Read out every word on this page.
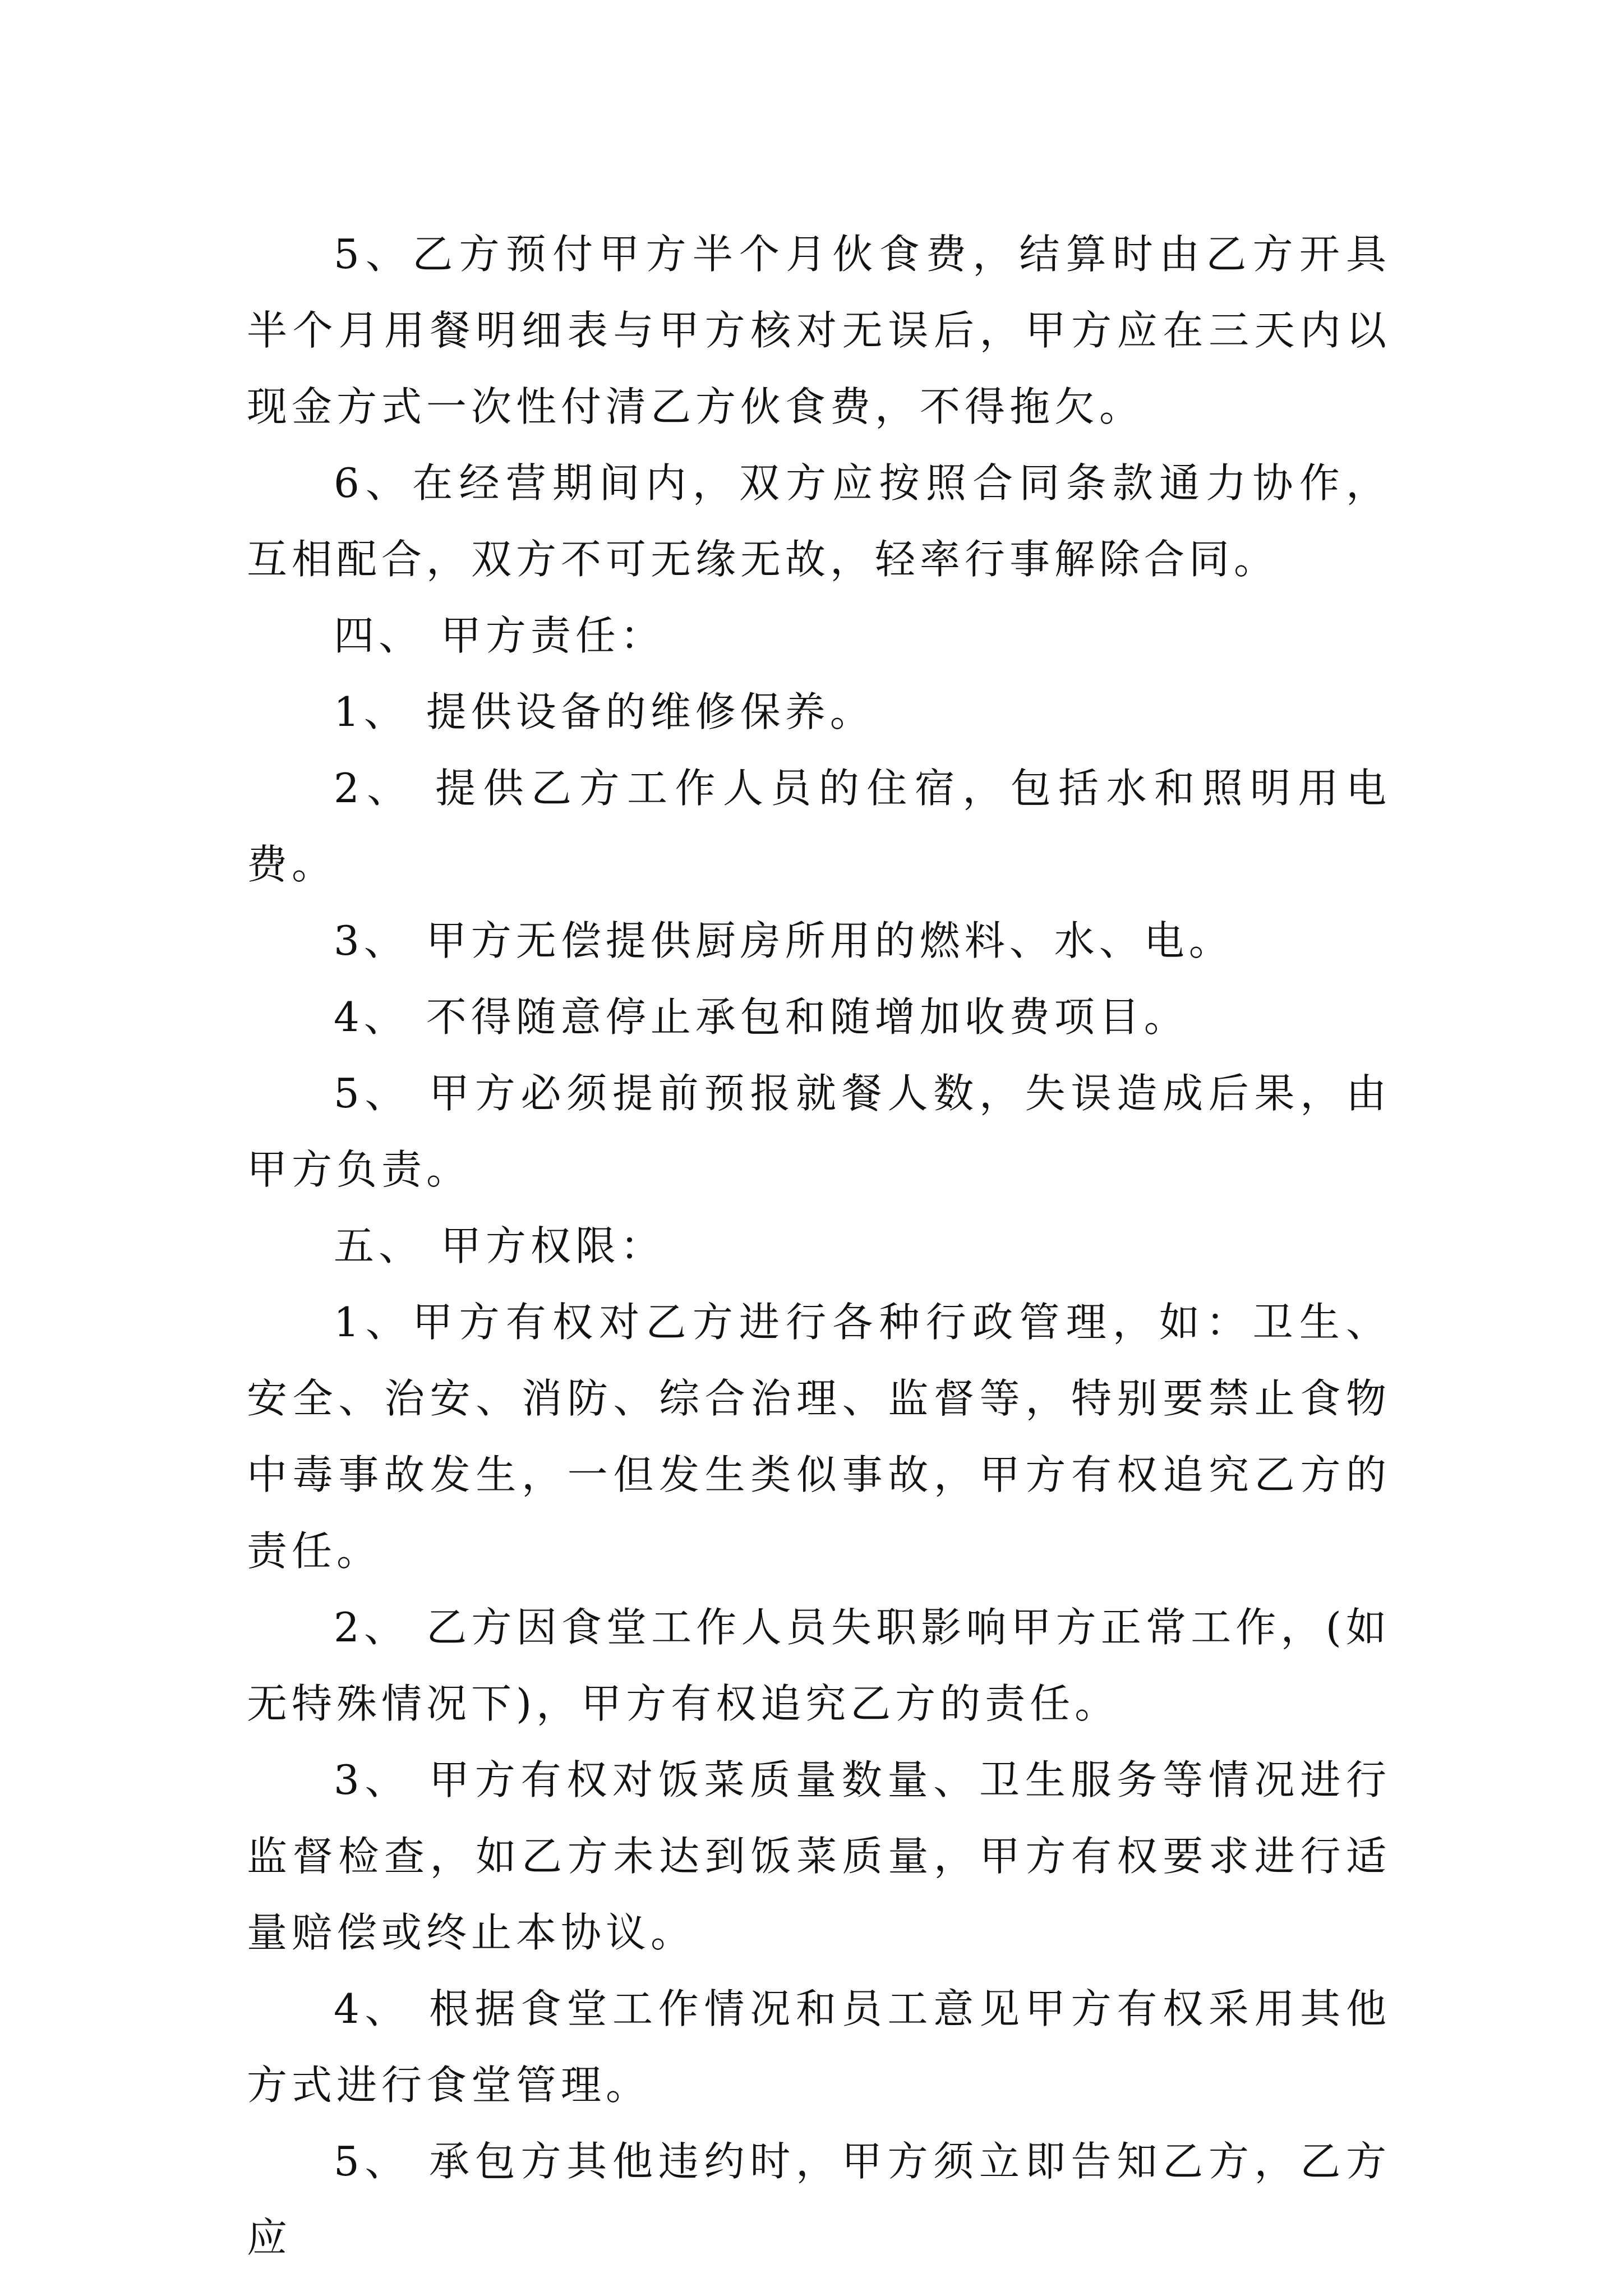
5、乙方预付甲方半个月伙食费，结算时由乙方开具半个月用餐明细表与甲方核对无误后，甲方应在三天内以现金方式一次性付清乙方伙食费，不得拖欠。

6、在经营期间内，双方应按照合同条款通力协作，互相配合，双方不可无缘无故，轻率行事解除合同。

四、 甲方责任：

1、 提供设备的维修保养。

2、 提供乙方工作人员的住宿，包括水和照明用电费。

3、 甲方无偿提供厨房所用的燃料、水、电。

4、 不得随意停止承包和随增加收费项目。

5、 甲方必须提前预报就餐人数，失误造成后果，由甲方负责。

五、 甲方权限：

1、甲方有权对乙方进行各种行政管理，如：卫生、安全、治安、消防、综合治理、监督等，特别要禁止食物中毒事故发生，一但发生类似事故，甲方有权追究乙方的责任。

2、 乙方因食堂工作人员失职影响甲方正常工作，(如无特殊情况下)，甲方有权追究乙方的责任。

3、 甲方有权对饭菜质量数量、卫生服务等情况进行监督检查，如乙方未达到饭菜质量，甲方有权要求进行适量赔偿或终止本协议。

4、 根据食堂工作情况和员工意见甲方有权采用其他方式进行食堂管理。

5、 承包方其他违约时，甲方须立即告知乙方，乙方应
